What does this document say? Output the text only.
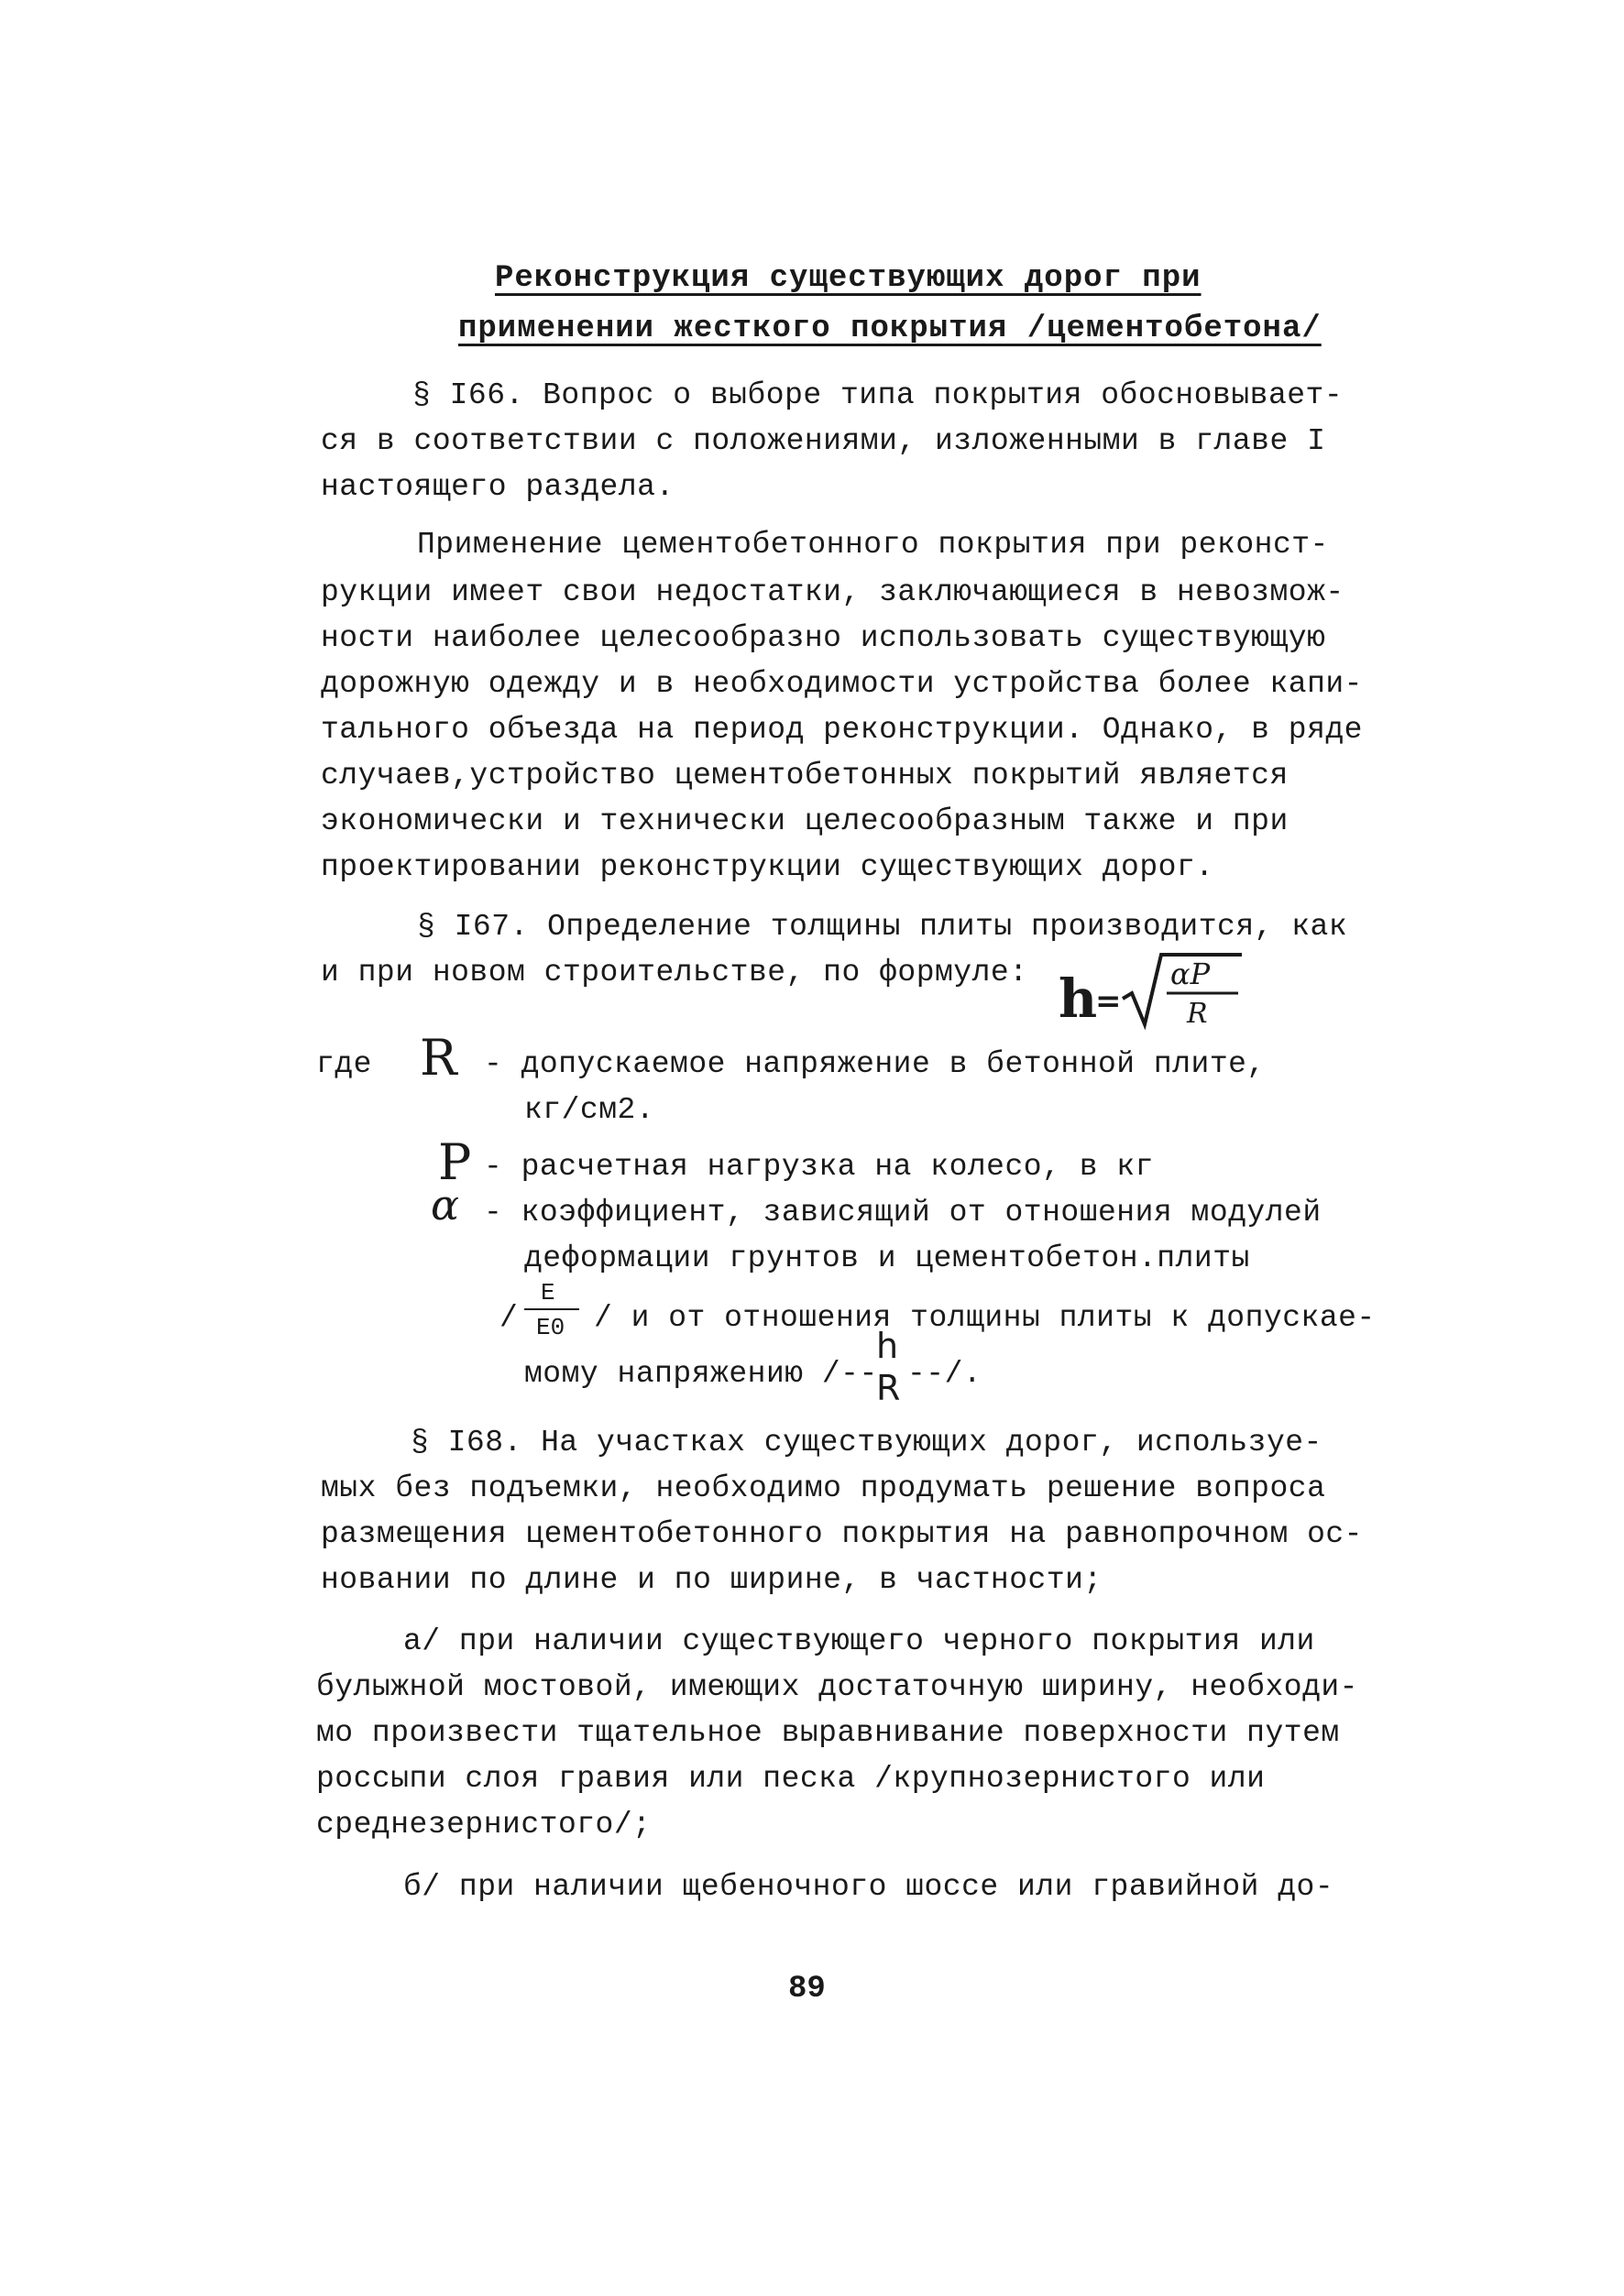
Реконструкция существующих дорог при
применении жесткого покрытия /цементобетона/
§ I66. Вопрос о выборе типа покрытия обосновывает-
ся в соответствии с положениями, изложенными в главе I
настоящего раздела.
Применение цементобетонного покрытия при реконст-
рукции имеет свои недостатки, заключающиеся в невозмож-
ности наиболее целесообразно использовать существующую
дорожную одежду и в необходимости устройства более капи-
тального объезда на период реконструкции. Однако, в ряде
случаев,устройство цементобетонных покрытий является
экономически и технически целесообразным также и при
проектировании реконструкции существующих дорог.
§ I67. Определение толщины плиты производится, как
и при новом строительстве, по формуле: h
=
αP
R
где R - допускаемое напряжение в бетонной плите,
кг/см2.
P - расчетная нагрузка на колесо, в кг
α - коэффициент, зависящий от отношения модулей
деформации грунтов и цементобетон.плиты
/
E
E0 / и от отношения толщины плиты к допускае-
мому напряжению /--
h
R --/.
§ I68. На участках существующих дорог, используе-
мых без подъемки, необходимо продумать решение вопроса
размещения цементобетонного покрытия на равнопрочном ос-
новании по длине и по ширине, в частности;
а/ при наличии существующего черного покрытия или
булыжной мостовой, имеющих достаточную ширину, необходи-
мо произвести тщательное выравнивание поверхности путем
россыпи слоя гравия или песка /крупнозернистого или
среднезернистого/;
б/ при наличии щебеночного шоссе или гравийной до-
89
